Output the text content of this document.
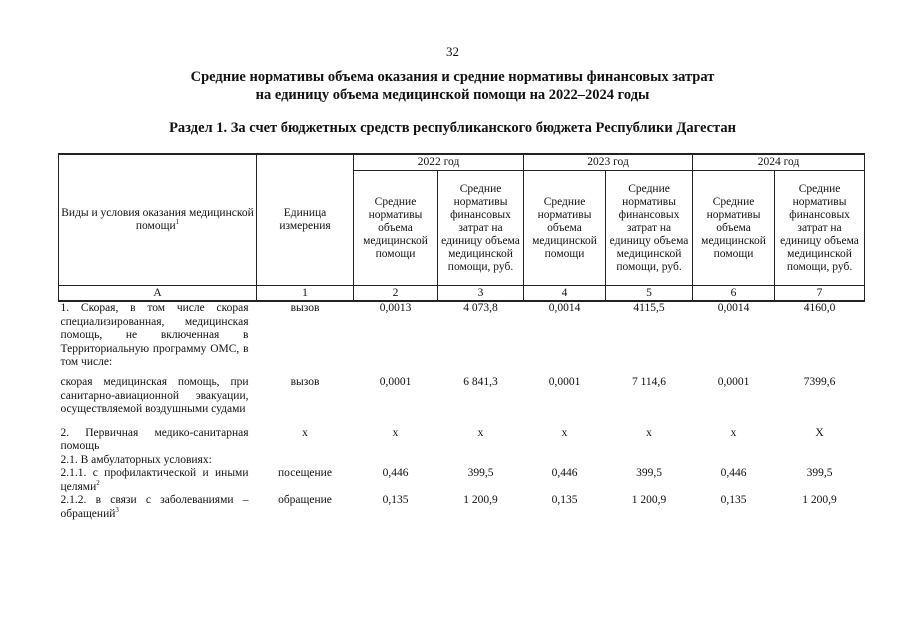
32
Средние нормативы объема оказания и средние нормативы финансовых затрат
на единицу объема медицинской помощи на 2022–2024 годы
Раздел 1. За счет бюджетных средств республиканского бюджета Республики Дагестан
Виды и условия оказания медицинской помощи$^1$	Единица измерения	2022 год		2023 год		2024 год	
		Средние нормативы объема медицинской помощи	Средние нормативы финансовых затрат на единицу объема медицинской помощи, руб.	Средние нормативы объема медицинской помощи	Средние нормативы финансовых затрат на единицу объема медицинской помощи, руб.	Средние нормативы объема медицинской помощи	Средние нормативы финансовых затрат на единицу объема медицинской помощи, руб.
А	1	2	3	4	5	6	7
1. Скорая, в том числе скорая специализированная, медицинская помощь, не включенная в Территориальную программу ОМС, в том числе:	вызов	0,0013	4 073,8	0,0014	4115,5	0,0014	4160,0
скорая медицинская помощь, при санитарно-авиационной эвакуации, осуществляемой воздушными судами	вызов	0,0001	6 841,3	0,0001	7 114,6	0,0001	7399,6

2. Первичная медико-санитарная помощь	х	х	х	х	х	х	Х
2.1. В амбулаторных условиях:							
2.1.1. с профилактической и иными целями$^2$	посещение	0,446	399,5	0,446	399,5	0,446	399,5
2.1.2. в связи с заболеваниями – обращений$^3$	обращение	0,135	1 200,9	0,135	1 200,9	0,135	1 200,9
